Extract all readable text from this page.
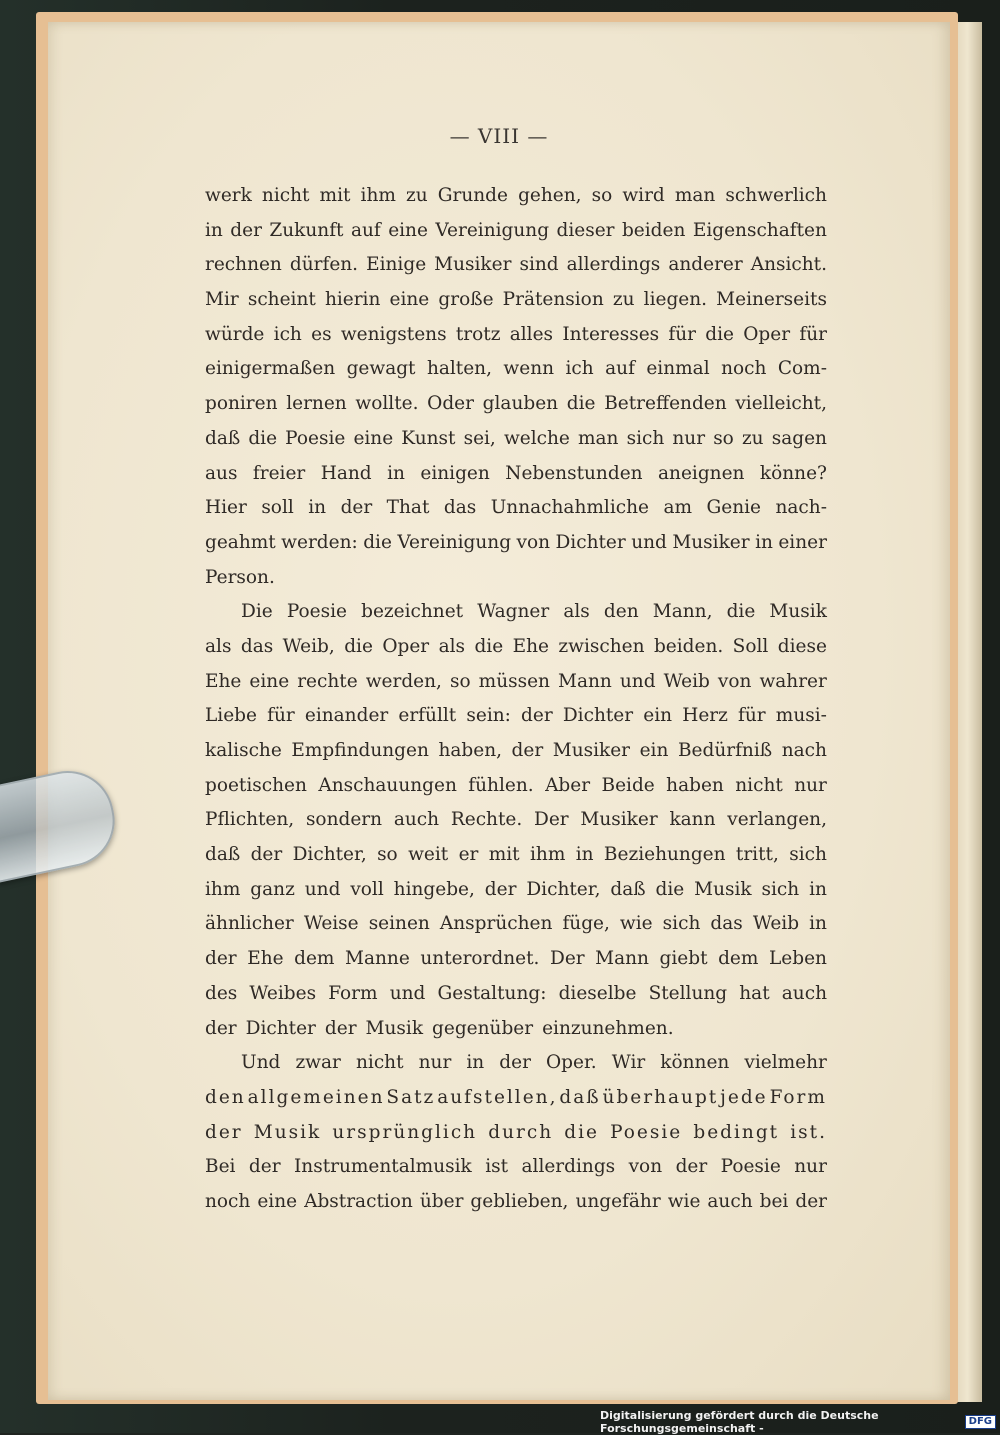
— VIII —
werk nicht mit ihm zu Grunde gehen, so wird man schwerlich
in der Zukunft auf eine Vereinigung dieser beiden Eigenschaften
rechnen dürfen. Einige Musiker sind allerdings anderer Ansicht.
Mir scheint hierin eine große Prätension zu liegen. Meinerseits
würde ich es wenigstens trotz alles Interesses für die Oper für
einigermaßen gewagt halten, wenn ich auf einmal noch Com-
poniren lernen wollte. Oder glauben die Betreffenden vielleicht,
daß die Poesie eine Kunst sei, welche man sich nur so zu sagen
aus freier Hand in einigen Nebenstunden aneignen könne?
Hier soll in der That das Unnachahmliche am Genie nach-
geahmt werden: die Vereinigung von Dichter und Musiker in einer
Person.
Die Poesie bezeichnet Wagner als den Mann, die Musik
als das Weib, die Oper als die Ehe zwischen beiden. Soll diese
Ehe eine rechte werden, so müssen Mann und Weib von wahrer
Liebe für einander erfüllt sein: der Dichter ein Herz für musi-
kalische Empfindungen haben, der Musiker ein Bedürfniß nach
poetischen Anschauungen fühlen. Aber Beide haben nicht nur
Pflichten, sondern auch Rechte. Der Musiker kann verlangen,
daß der Dichter, so weit er mit ihm in Beziehungen tritt, sich
ihm ganz und voll hingebe, der Dichter, daß die Musik sich in
ähnlicher Weise seinen Ansprüchen füge, wie sich das Weib in
der Ehe dem Manne unterordnet. Der Mann giebt dem Leben
des Weibes Form und Gestaltung: dieselbe Stellung hat auch
der Dichter der Musik gegenüber einzunehmen.
Und zwar nicht nur in der Oper. Wir können vielmehr
den allgemeinen Satz aufstellen, daß überhaupt jede Form
der Musik ursprünglich durch die Poesie bedingt ist.
Bei der Instrumentalmusik ist allerdings von der Poesie nur
noch eine Abstraction über geblieben, ungefähr wie auch bei der
Digitalisierung gefördert durch die Deutsche Forschungsgemeinschaft -
DFG
